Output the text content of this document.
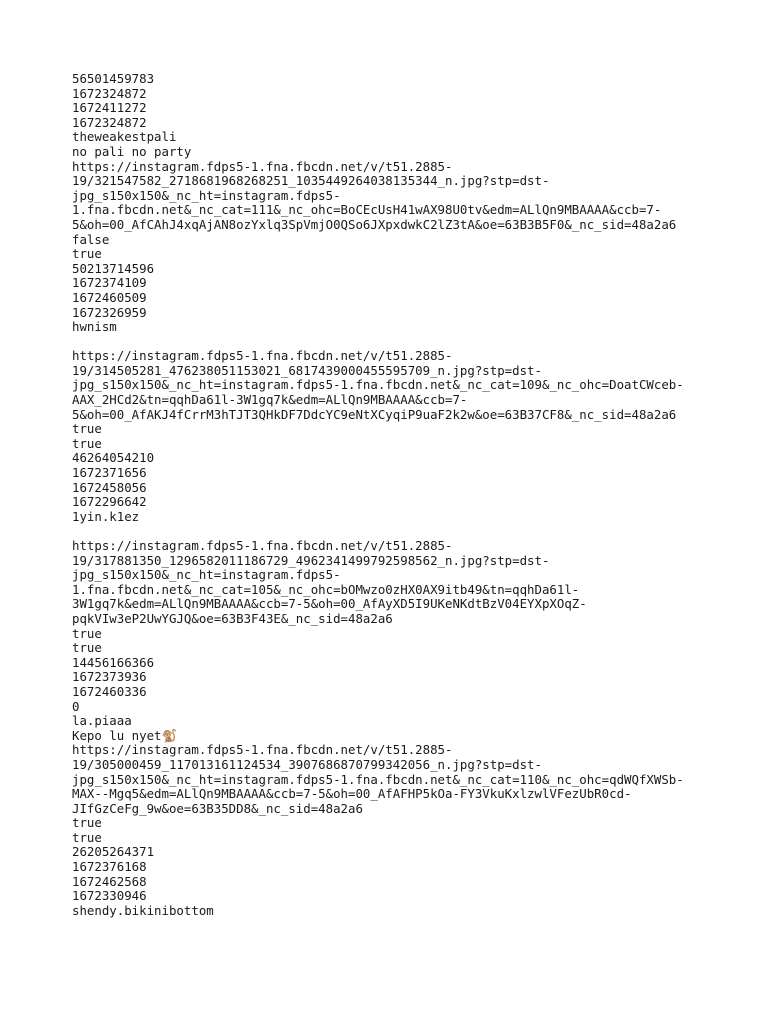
56501459783
1672324872
1672411272
1672324872
theweakestpali
no pali no party
https://instagram.fdps5-1.fna.fbcdn.net/v/t51.2885-
19/321547582_2718681968268251_1035449264038135344_n.jpg?stp=dst-
jpg_s150x150&_nc_ht=instagram.fdps5-
1.fna.fbcdn.net&_nc_cat=111&_nc_ohc=BoCEcUsH41wAX98U0tv&edm=ALlQn9MBAAAA&ccb=7-
5&oh=00_AfCAhJ4xqAjAN8ozYxlq3SpVmjO0QSo6JXpxdwkC2lZ3tA&oe=63B3B5F0&_nc_sid=48a2a6
false
true
50213714596
1672374109
1672460509
1672326959
hwnism
https://instagram.fdps5-1.fna.fbcdn.net/v/t51.2885-
19/314505281_476238051153021_6817439000455595709_n.jpg?stp=dst-
jpg_s150x150&_nc_ht=instagram.fdps5-1.fna.fbcdn.net&_nc_cat=109&_nc_ohc=DoatCWceb-
AAX_2HCd2&tn=qqhDa61l-3W1gq7k&edm=ALlQn9MBAAAA&ccb=7-
5&oh=00_AfAKJ4fCrrM3hTJT3QHkDF7DdcYC9eNtXCyqiP9uaF2k2w&oe=63B37CF8&_nc_sid=48a2a6
true
true
46264054210
1672371656
1672458056
1672296642
1yin.k1ez
https://instagram.fdps5-1.fna.fbcdn.net/v/t51.2885-
19/317881350_1296582011186729_4962341499792598562_n.jpg?stp=dst-
jpg_s150x150&_nc_ht=instagram.fdps5-
1.fna.fbcdn.net&_nc_cat=105&_nc_ohc=bOMwzo0zHX0AX9itb49&tn=qqhDa61l-
3W1gq7k&edm=ALlQn9MBAAAA&ccb=7-5&oh=00_AfAyXD5I9UKeNKdtBzV04EYXpXOqZ-
pqkVIw3eP2UwYGJQ&oe=63B3F43E&_nc_sid=48a2a6
true
true
14456166366
1672373936
1672460336
0
la.piaaa
Kepo lu nyet🐒
https://instagram.fdps5-1.fna.fbcdn.net/v/t51.2885-
19/305000459_117013161124534_3907686870799342056_n.jpg?stp=dst-
jpg_s150x150&_nc_ht=instagram.fdps5-1.fna.fbcdn.net&_nc_cat=110&_nc_ohc=qdWQfXWSb-
MAX--Mgq5&edm=ALlQn9MBAAAA&ccb=7-5&oh=00_AfAFHP5kOa-FY3VkuKxlzwlVFezUbR0cd-
JIfGzCeFg_9w&oe=63B35DD8&_nc_sid=48a2a6
true
true
26205264371
1672376168
1672462568
1672330946
shendy.bikinibottom
